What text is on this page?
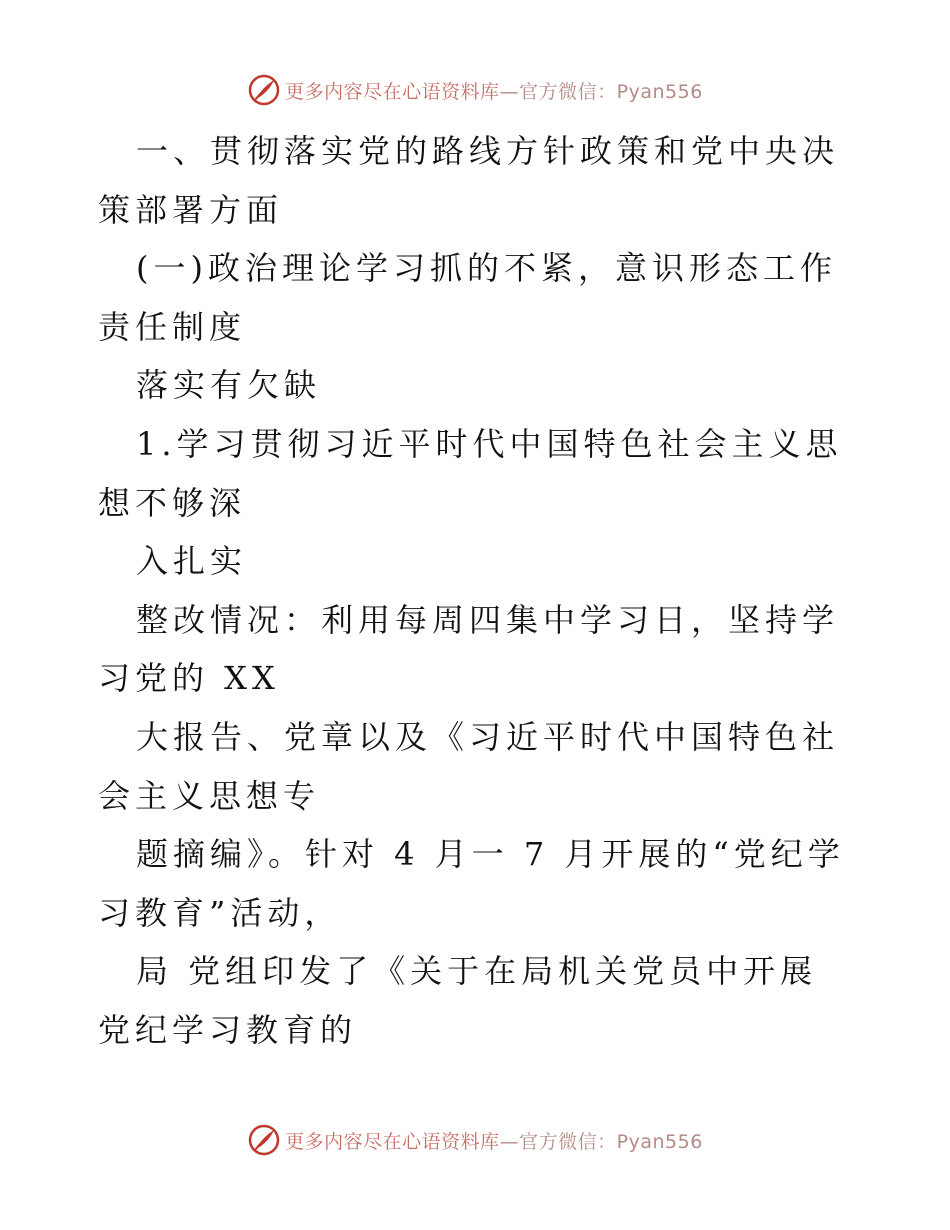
更多内容尽在心语资料库 —官方微信：Pyan556

一、贯彻落实党的路线方针政策和党中央决策部署方面

(一)政治理论学习抓的不紧，意识形态工作责任制度

落实有欠缺

1.学习贯彻习近平时代中国特色社会主义思想不够深

入扎实

整改情况：利用每周四集中学习日，坚持学习党的 XX

大报告、党章以及《习近平时代中国特色社会主义思想专

题摘编》。针对 4 月一 7 月开展的“党纪学习教育”活动，

局 党组印发了《关于在局机关党员中开展党纪学习教育的

更多内容尽在心语资料库 —官方微信：Pyan556
